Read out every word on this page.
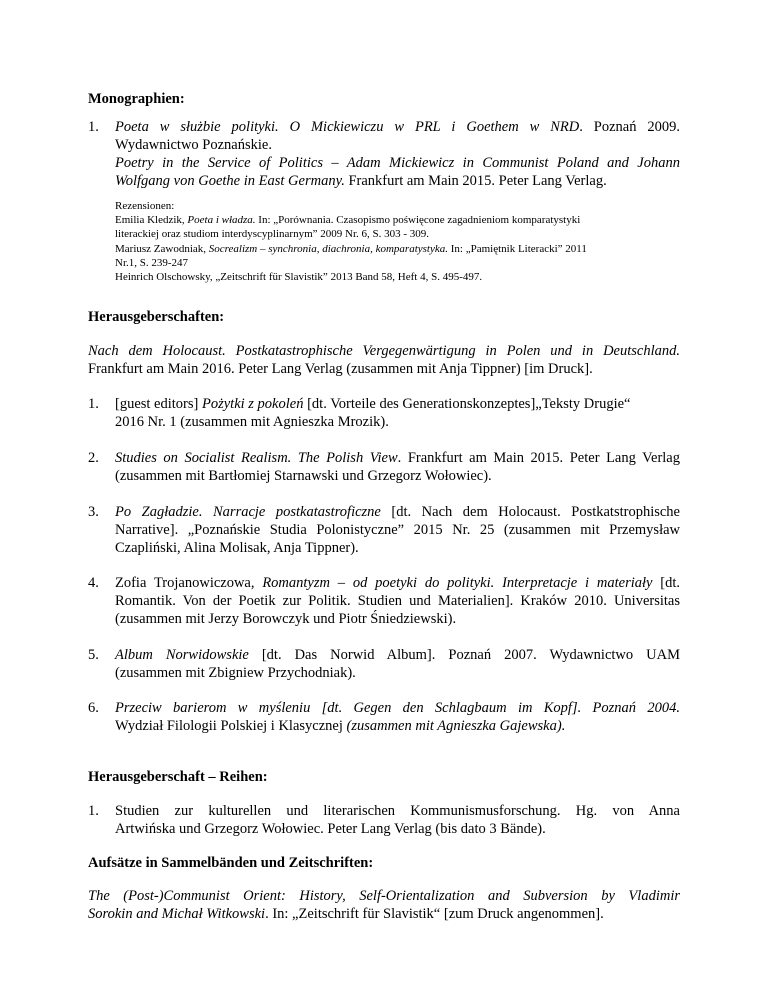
Monographien:
1.	Poeta w służbie polityki. O Mickiewiczu w PRL i Goethem w NRD. Poznań 2009.
Wydawnictwo Poznańskie.
Poetry in the Service of Politics – Adam Mickiewicz in Communist Poland and Johann
Wolfgang von Goethe in East Germany. Frankfurt am Main 2015. Peter Lang Verlag.
Rezensionen:
Emilia Kledzik, Poeta i władza. In: „Porównania. Czasopismo poświęcone zagadnieniom komparatystyki
literackiej oraz studiom interdyscyplinarnym” 2009 Nr. 6, S. 303 - 309.
Mariusz Zawodniak, Socrealizm – synchronia, diachronia, komparatystyka. In: „Pamiętnik Literacki” 2011
Nr.1, S. 239-247
Heinrich Olschowsky, „Zeitschrift für Slavistik” 2013 Band 58, Heft 4, S. 495-497.
Herausgeberschaften:
Nach dem Holocaust. Postkatastrophische Vergegenwärtigung in Polen und in Deutschland.
Frankfurt am Main 2016. Peter Lang Verlag (zusammen mit Anja Tippner) [im Druck].
1.	[guest editors] Pożytki z pokoleń [dt. Vorteile des Generationskonzeptes]„Teksty Drugie“
2016 Nr. 1 (zusammen mit Agnieszka Mrozik).
2.	Studies on Socialist Realism. The Polish View. Frankfurt am Main 2015. Peter Lang Verlag
(zusammen mit Bartłomiej Starnawski und Grzegorz Wołowiec).
3.	Po Zagładzie. Narracje postkatastroficzne [dt. Nach dem Holocaust. Postkatstrophische
Narrative]. „Poznańskie Studia Polonistyczne” 2015 Nr. 25 (zusammen mit Przemysław
Czapliński, Alina Molisak, Anja Tippner).
4.	Zofia Trojanowiczowa, Romantyzm – od poetyki do polityki. Interpretacje i materiały [dt.
Romantik. Von der Poetik zur Politik. Studien und Materialien]. Kraków 2010. Universitas
(zusammen mit Jerzy Borowczyk und Piotr Śniedziewski).
5.	Album Norwidowskie [dt. Das Norwid Album]. Poznań 2007. Wydawnictwo UAM
(zusammen mit Zbigniew Przychodniak).
6.	Przeciw barierom w myśleniu [dt. Gegen den Schlagbaum im Kopf]. Poznań 2004.
Wydział Filologii Polskiej i Klasycznej (zusammen mit Agnieszka Gajewska).
Herausgeberschaft – Reihen:
1.	Studien zur kulturellen und literarischen Kommunismusforschung. Hg. von Anna
Artwińska und Grzegorz Wołowiec. Peter Lang Verlag (bis dato 3 Bände).
Aufsätze in Sammelbänden und Zeitschriften:
The (Post-)Communist Orient: History, Self-Orientalization and Subversion by Vladimir
Sorokin and Michał Witkowski. In: „Zeitschrift für Slavistik“ [zum Druck angenommen].
